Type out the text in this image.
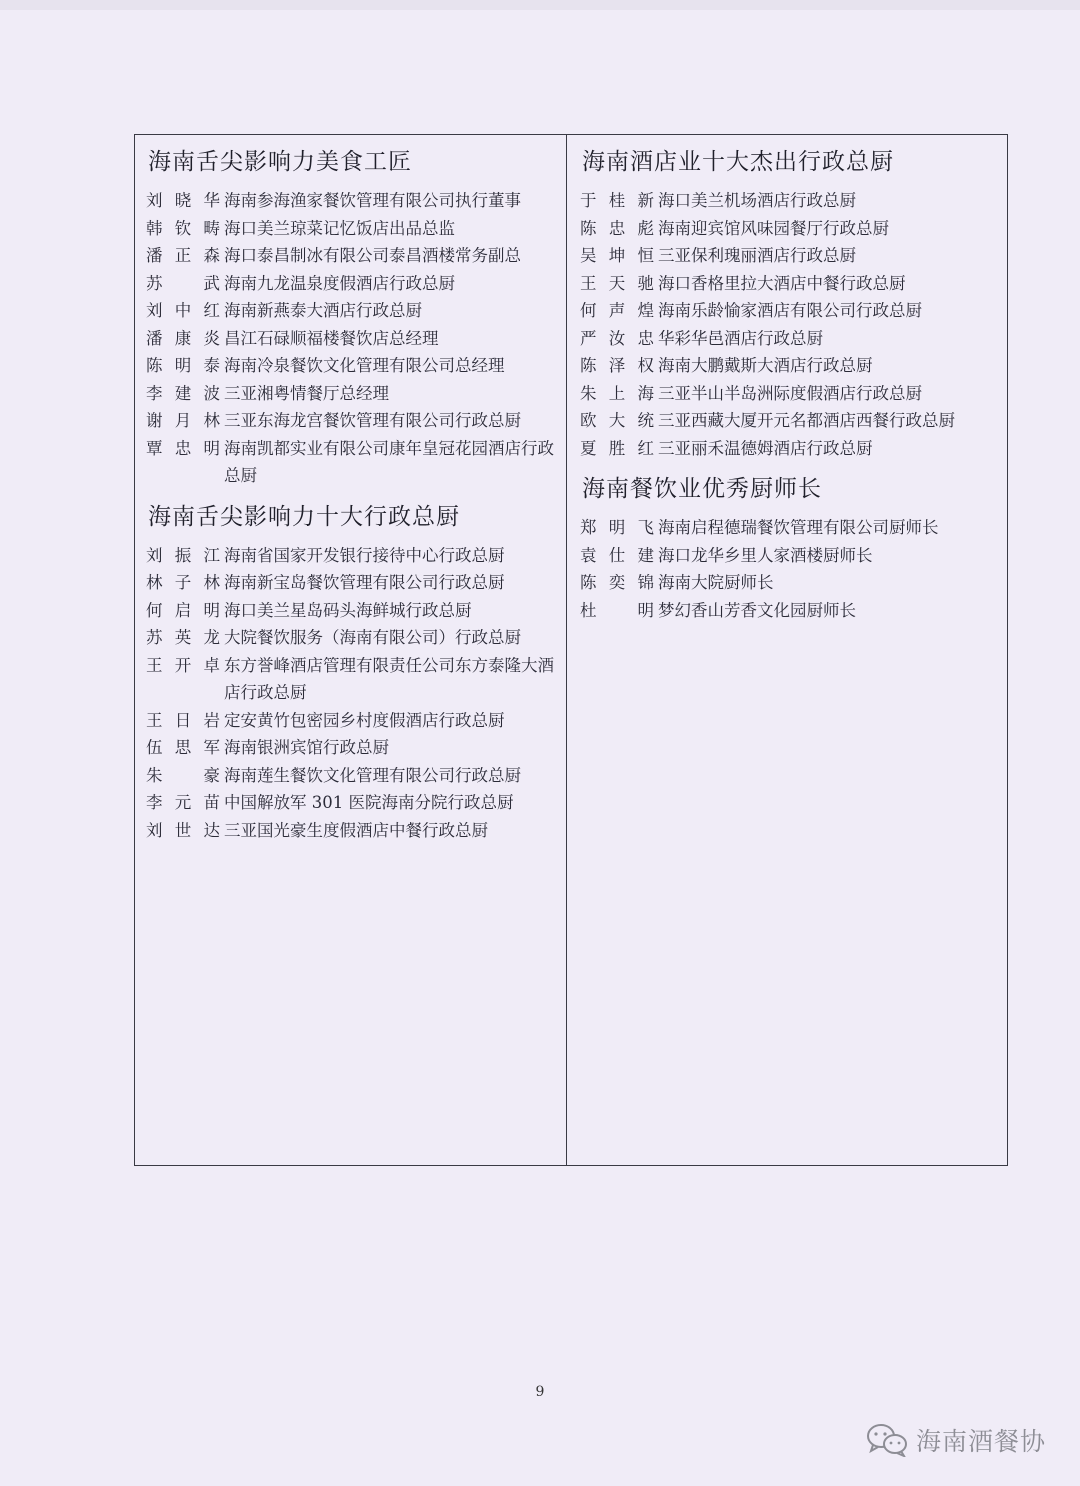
海南舌尖影响力美食工匠
刘晓华 海南参海渔家餐饮管理有限公司执行董事
韩钦畴 海口美兰琼菜记忆饭店出品总监
潘正森 海口泰昌制冰有限公司泰昌酒楼常务副总
苏 武 海南九龙温泉度假酒店行政总厨
刘中红 海南新燕泰大酒店行政总厨
潘康炎 昌江石碌顺福楼餐饮店总经理
陈明泰 海南冷泉餐饮文化管理有限公司总经理
李建波 三亚湘粤情餐厅总经理
谢月林 三亚东海龙宫餐饮管理有限公司行政总厨
覃忠明 海南凯都实业有限公司康年皇冠花园酒店行政总厨
海南舌尖影响力十大行政总厨
刘振江 海南省国家开发银行接待中心行政总厨
林子林 海南新宝岛餐饮管理有限公司行政总厨
何启明 海口美兰星岛码头海鲜城行政总厨
苏英龙 大院餐饮服务（海南有限公司）行政总厨
王开卓 东方誉峰酒店管理有限责任公司东方泰隆大酒店行政总厨
王日岩 定安黄竹包密园乡村度假酒店行政总厨
伍思军 海南银洲宾馆行政总厨
朱 豪 海南莲生餐饮文化管理有限公司行政总厨
李元苗 中国解放军 301 医院海南分院行政总厨
刘世达 三亚国光豪生度假酒店中餐行政总厨
海南酒店业十大杰出行政总厨
于桂新 海口美兰机场酒店行政总厨
陈忠彪 海南迎宾馆风味园餐厅行政总厨
吴坤恒 三亚保利瑰丽酒店行政总厨
王天驰 海口香格里拉大酒店中餐行政总厨
何声煌 海南乐龄愉家酒店有限公司行政总厨
严汝忠 华彩华邑酒店行政总厨
陈泽权 海南大鹏戴斯大酒店行政总厨
朱上海 三亚半山半岛洲际度假酒店行政总厨
欧大统 三亚西藏大厦开元名都酒店西餐行政总厨
夏胜红 三亚丽禾温德姆酒店行政总厨
海南餐饮业优秀厨师长
郑明飞 海南启程德瑞餐饮管理有限公司厨师长
袁仕建 海口龙华乡里人家酒楼厨师长
陈奕锦 海南大院厨师长
杜 明 梦幻香山芳香文化园厨师长
9
海南酒餐协
